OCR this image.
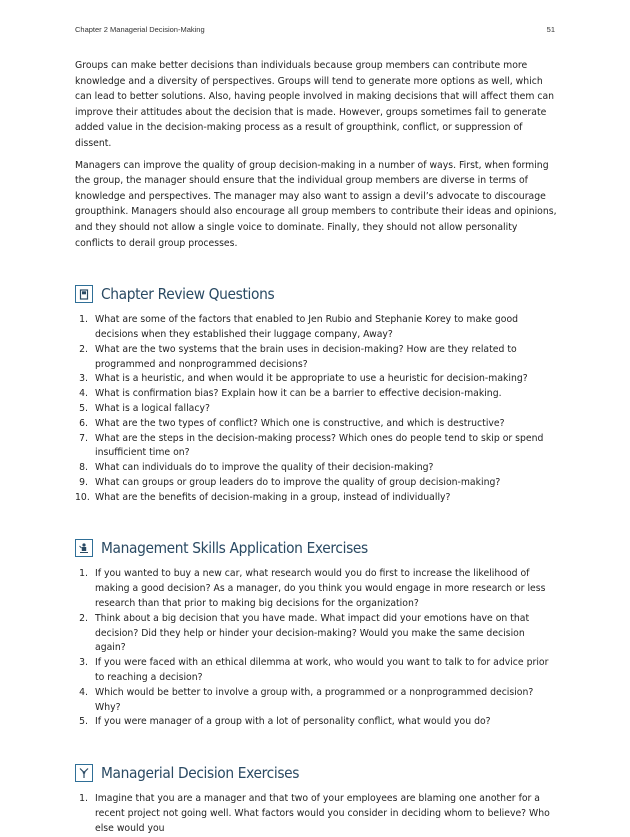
Chapter 2 Managerial Decision-Making	51

Groups can make better decisions than individuals because group members can contribute more knowledge and a diversity of perspectives. Groups will tend to generate more options as well, which can lead to better solutions. Also, having people involved in making decisions that will affect them can improve their attitudes about the decision that is made. However, groups sometimes fail to generate added value in the decision-making process as a result of groupthink, conflict, or suppression of dissent.

Managers can improve the quality of group decision-making in a number of ways. First, when forming the group, the manager should ensure that the individual group members are diverse in terms of knowledge and perspectives. The manager may also want to assign a devil’s advocate to discourage groupthink. Managers should also encourage all group members to contribute their ideas and opinions, and they should not allow a single voice to dominate. Finally, they should not allow personality conflicts to derail group processes.

Chapter Review Questions
1. What are some of the factors that enabled to Jen Rubio and Stephanie Korey to make good decisions when they established their luggage company, Away?
2. What are the two systems that the brain uses in decision-making? How are they related to programmed and nonprogrammed decisions?
3. What is a heuristic, and when would it be appropriate to use a heuristic for decision-making?
4. What is confirmation bias? Explain how it can be a barrier to effective decision-making.
5. What is a logical fallacy?
6. What are the two types of conflict? Which one is constructive, and which is destructive?
7. What are the steps in the decision-making process? Which ones do people tend to skip or spend insufficient time on?
8. What can individuals do to improve the quality of their decision-making?
9. What can groups or group leaders do to improve the quality of group decision-making?
10. What are the benefits of decision-making in a group, instead of individually?
Management Skills Application Exercises
1. If you wanted to buy a new car, what research would you do first to increase the likelihood of making a good decision? As a manager, do you think you would engage in more research or less research than that prior to making big decisions for the organization?
2. Think about a big decision that you have made. What impact did your emotions have on that decision? Did they help or hinder your decision-making? Would you make the same decision again?
3. If you were faced with an ethical dilemma at work, who would you want to talk to for advice prior to reaching a decision?
4. Which would be better to involve a group with, a programmed or a nonprogrammed decision? Why?
5. If you were manager of a group with a lot of personality conflict, what would you do?
Managerial Decision Exercises
1. Imagine that you are a manager and that two of your employees are blaming one another for a recent project not going well. What factors would you consider in deciding whom to believe? Who else would you
